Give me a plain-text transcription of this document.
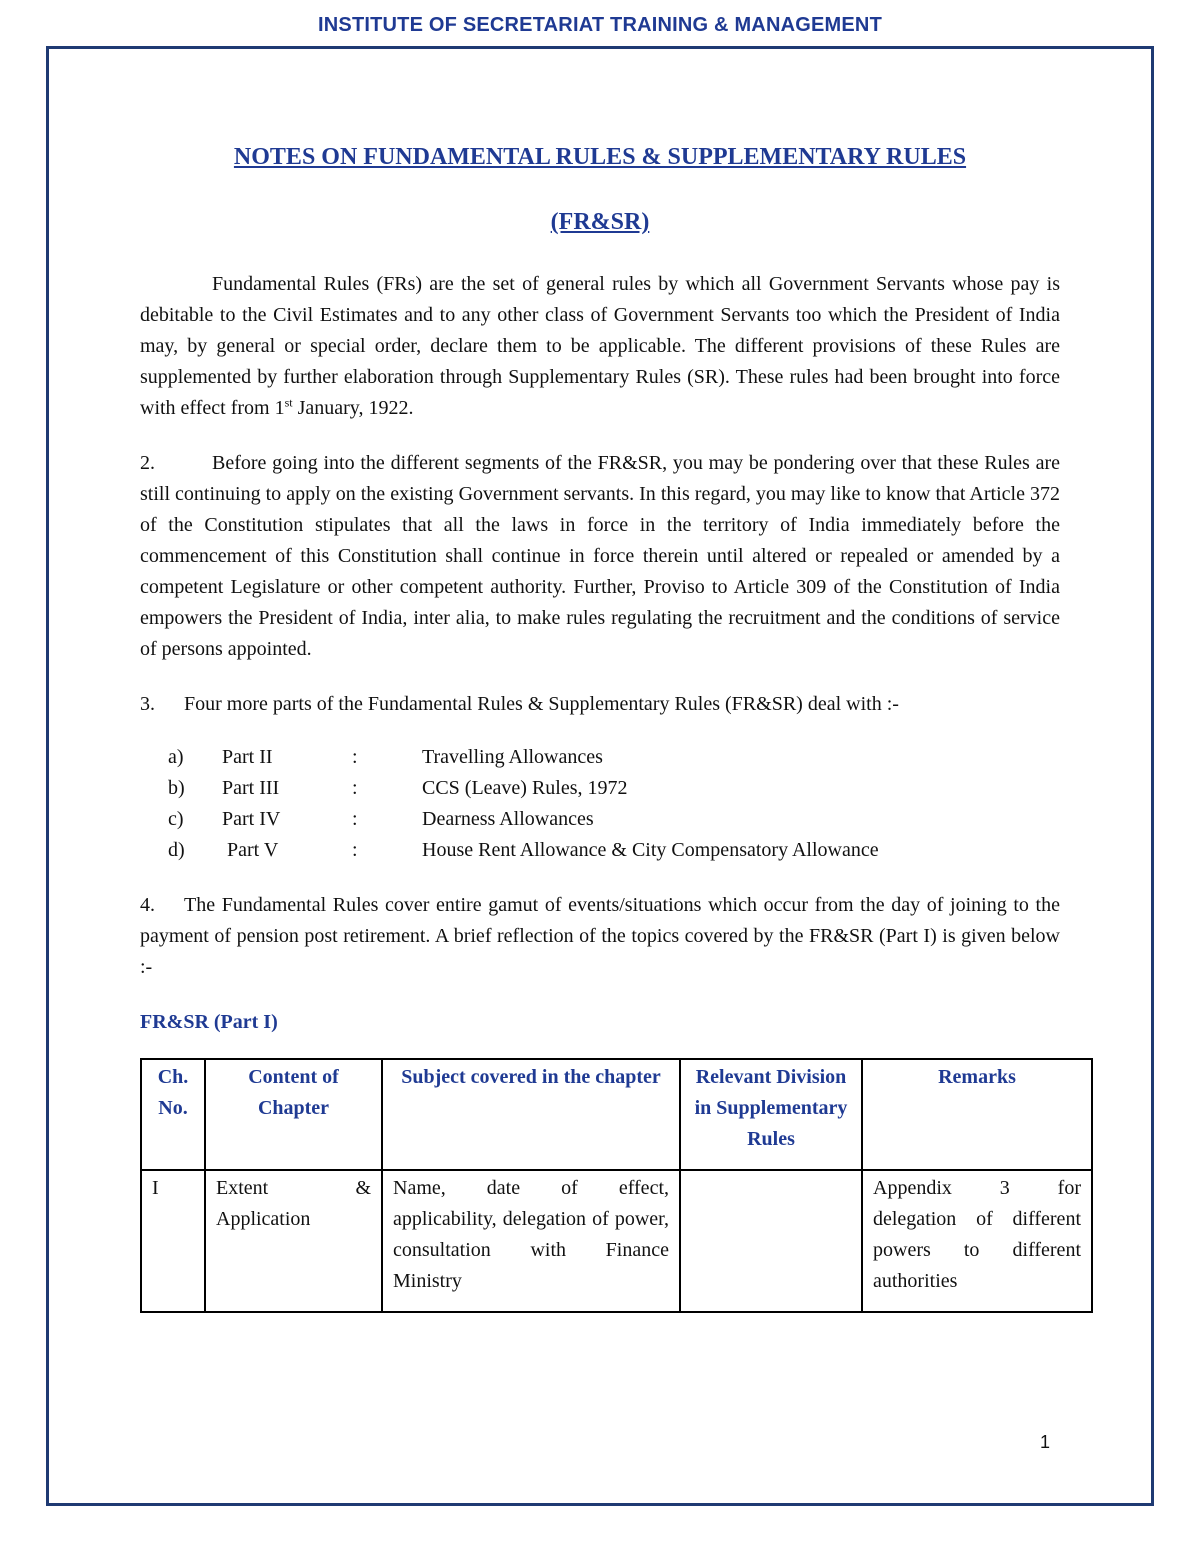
INSTITUTE OF SECRETARIAT TRAINING & MANAGEMENT
NOTES ON FUNDAMENTAL RULES & SUPPLEMENTARY RULES
(FR&SR)

Fundamental Rules (FRs) are the set of general rules by which all Government Servants whose pay is debitable to the Civil Estimates and to any other class of Government Servants too which the President of India may, by general or special order, declare them to be applicable. The different provisions of these Rules are supplemented by further elaboration through Supplementary Rules (SR). These rules had been brought into force with effect from 1st January, 1922.

2.	Before going into the different segments of the FR&SR, you may be pondering over that these Rules are still continuing to apply on the existing Government servants. In this regard, you may like to know that Article 372 of the Constitution stipulates that all the laws in force in the territory of India immediately before the commencement of this Constitution shall continue in force therein until altered or repealed or amended by a competent Legislature or other competent authority. Further, Proviso to Article 309 of the Constitution of India empowers the President of India, inter alia, to make rules regulating the recruitment and the conditions of service of persons appointed.

3. Four more parts of the Fundamental Rules & Supplementary Rules (FR&SR) deal with :-

a)	Part II	:	Travelling Allowances
b)	Part III	:	CCS (Leave) Rules, 1972
c)	Part IV	:	Dearness Allowances
d)	Part V	:	House Rent Allowance & City Compensatory Allowance

4. The Fundamental Rules cover entire gamut of events/situations which occur from the day of joining to the payment of pension post retirement. A brief reflection of the topics covered by the FR&SR (Part I) is given below :-

FR&SR (Part I)
Ch. No.	Content of Chapter	Subject covered in the chapter	Relevant Division in Supplementary Rules	Remarks
I	Extent & Application	Name, date of effect, applicability, delegation of power, consultation with Finance Ministry		Appendix 3 for delegation of different powers to different authorities
1
